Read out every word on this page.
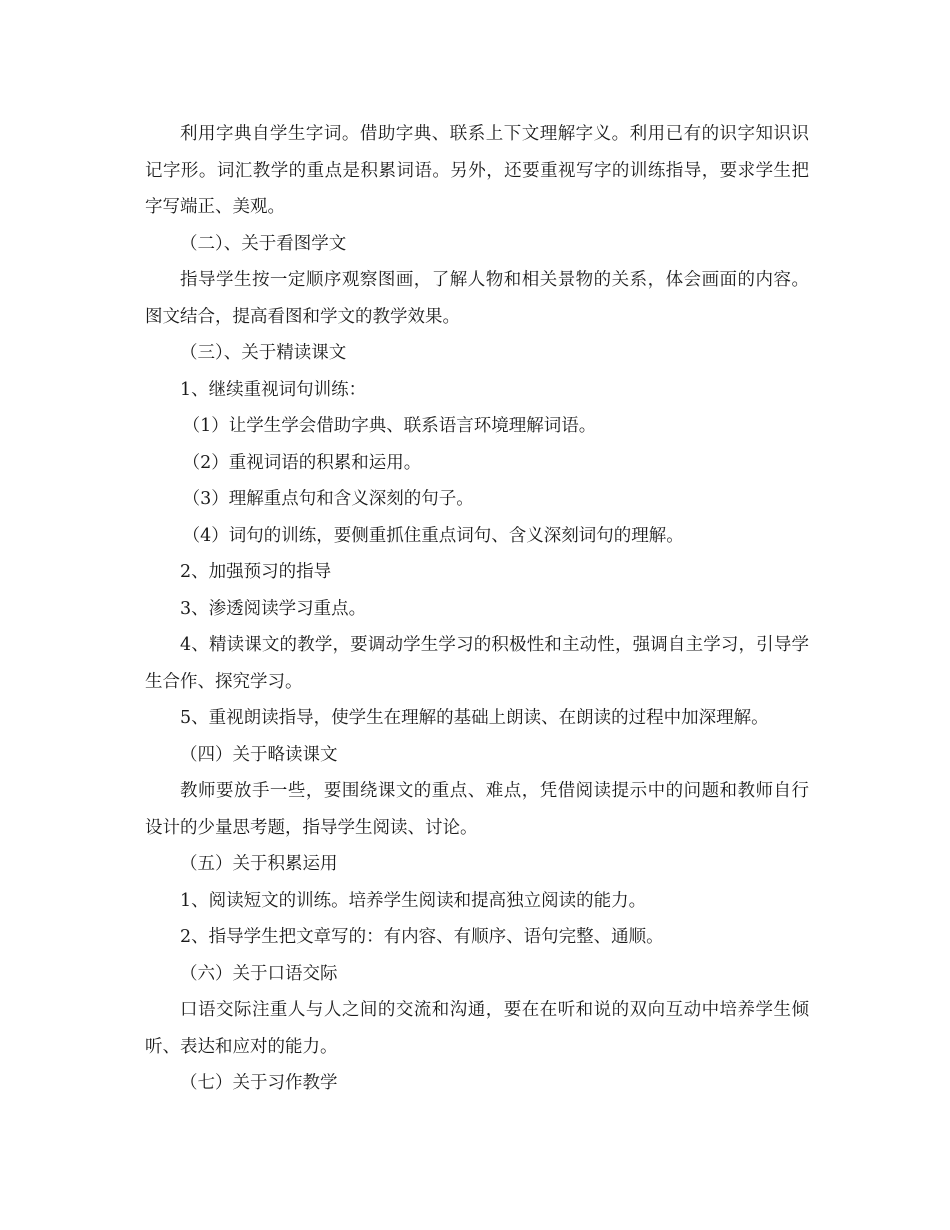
利用字典自学生字词。借助字典、联系上下文理解字义。利用已有的识字知识识记字形。词汇教学的重点是积累词语。另外，还要重视写字的训练指导，要求学生把字写端正、美观。

（二）、关于看图学文

指导学生按一定顺序观察图画，了解人物和相关景物的关系，体会画面的内容。图文结合，提高看图和学文的教学效果。

（三）、关于精读课文

1、继续重视词句训练：

（1）让学生学会借助字典、联系语言环境理解词语。

（2）重视词语的积累和运用。

（3）理解重点句和含义深刻的句子。

（4）词句的训练，要侧重抓住重点词句、含义深刻词句的理解。

2、加强预习的指导

3、渗透阅读学习重点。

4、精读课文的教学，要调动学生学习的积极性和主动性，强调自主学习，引导学生合作、探究学习。

5、重视朗读指导，使学生在理解的基础上朗读、在朗读的过程中加深理解。

（四）关于略读课文

教师要放手一些，要围绕课文的重点、难点，凭借阅读提示中的问题和教师自行设计的少量思考题，指导学生阅读、讨论。

（五）关于积累运用

1、阅读短文的训练。培养学生阅读和提高独立阅读的能力。

2、指导学生把文章写的：有内容、有顺序、语句完整、通顺。

（六）关于口语交际

口语交际注重人与人之间的交流和沟通，要在在听和说的双向互动中培养学生倾听、表达和应对的能力。

（七）关于习作教学
